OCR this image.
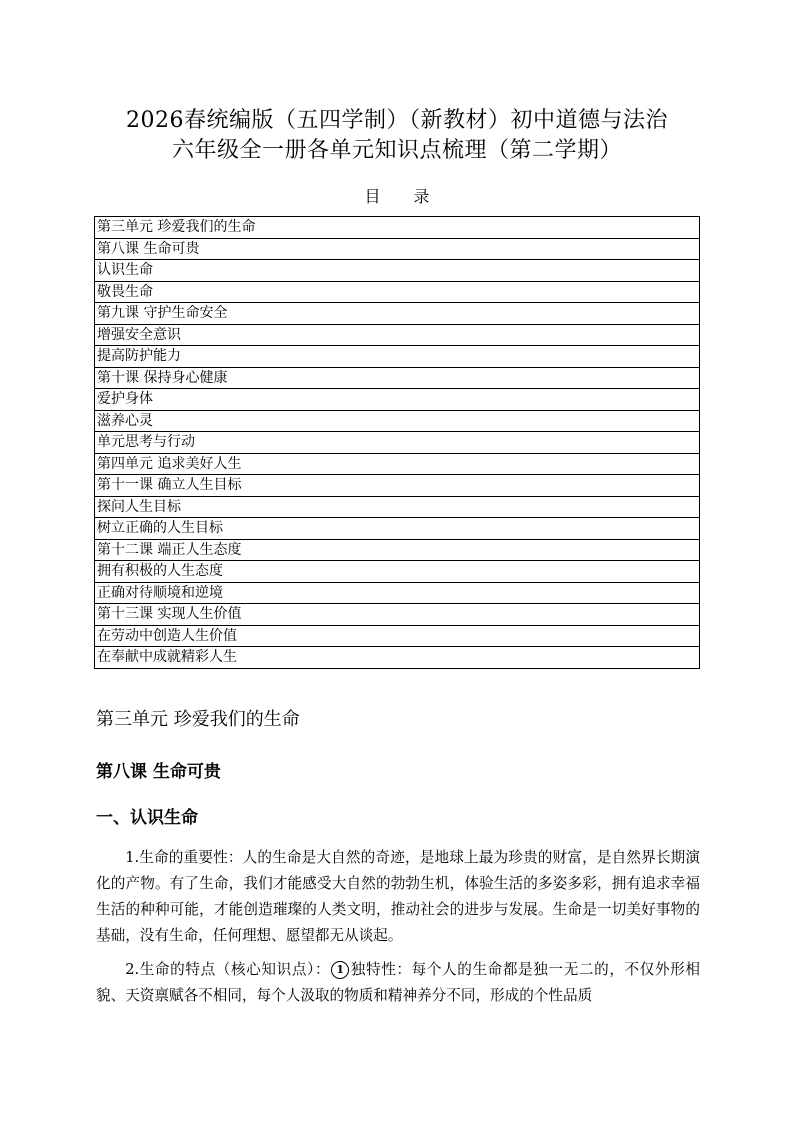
2026春统编版（五四学制）（新教材）初中道德与法治
六年级全一册各单元知识点梳理（第二学期）
目 录
第三单元 珍爱我们的生命
第八课 生命可贵
认识生命
敬畏生命
第九课 守护生命安全
增强安全意识
提高防护能力
第十课 保持身心健康
爱护身体
滋养心灵
单元思考与行动
第四单元 追求美好人生
第十一课 确立人生目标
探问人生目标
树立正确的人生目标
第十二课 端正人生态度
拥有积极的人生态度
正确对待顺境和逆境
第十三课 实现人生价值
在劳动中创造人生价值
在奉献中成就精彩人生
第三单元 珍爱我们的生命
第八课 生命可贵
一、认识生命

1.生命的重要性：人的生命是大自然的奇迹，是地球上最为珍贵的财富，是自然界长期演化的产物。有了生命，我们才能感受大自然的勃勃生机，体验生活的多姿多彩，拥有追求幸福生活的种种可能，才能创造璀璨的人类文明，推动社会的进步与发展。生命是一切美好事物的基础，没有生命，任何理想、愿望都无从谈起。

2.生命的特点（核心知识点）： 1 独特性：每个人的生命都是独一无二的，不仅外形相貌、天资禀赋各不相同，每个人汲取的物质和精神养分不同，形成的个性品质
